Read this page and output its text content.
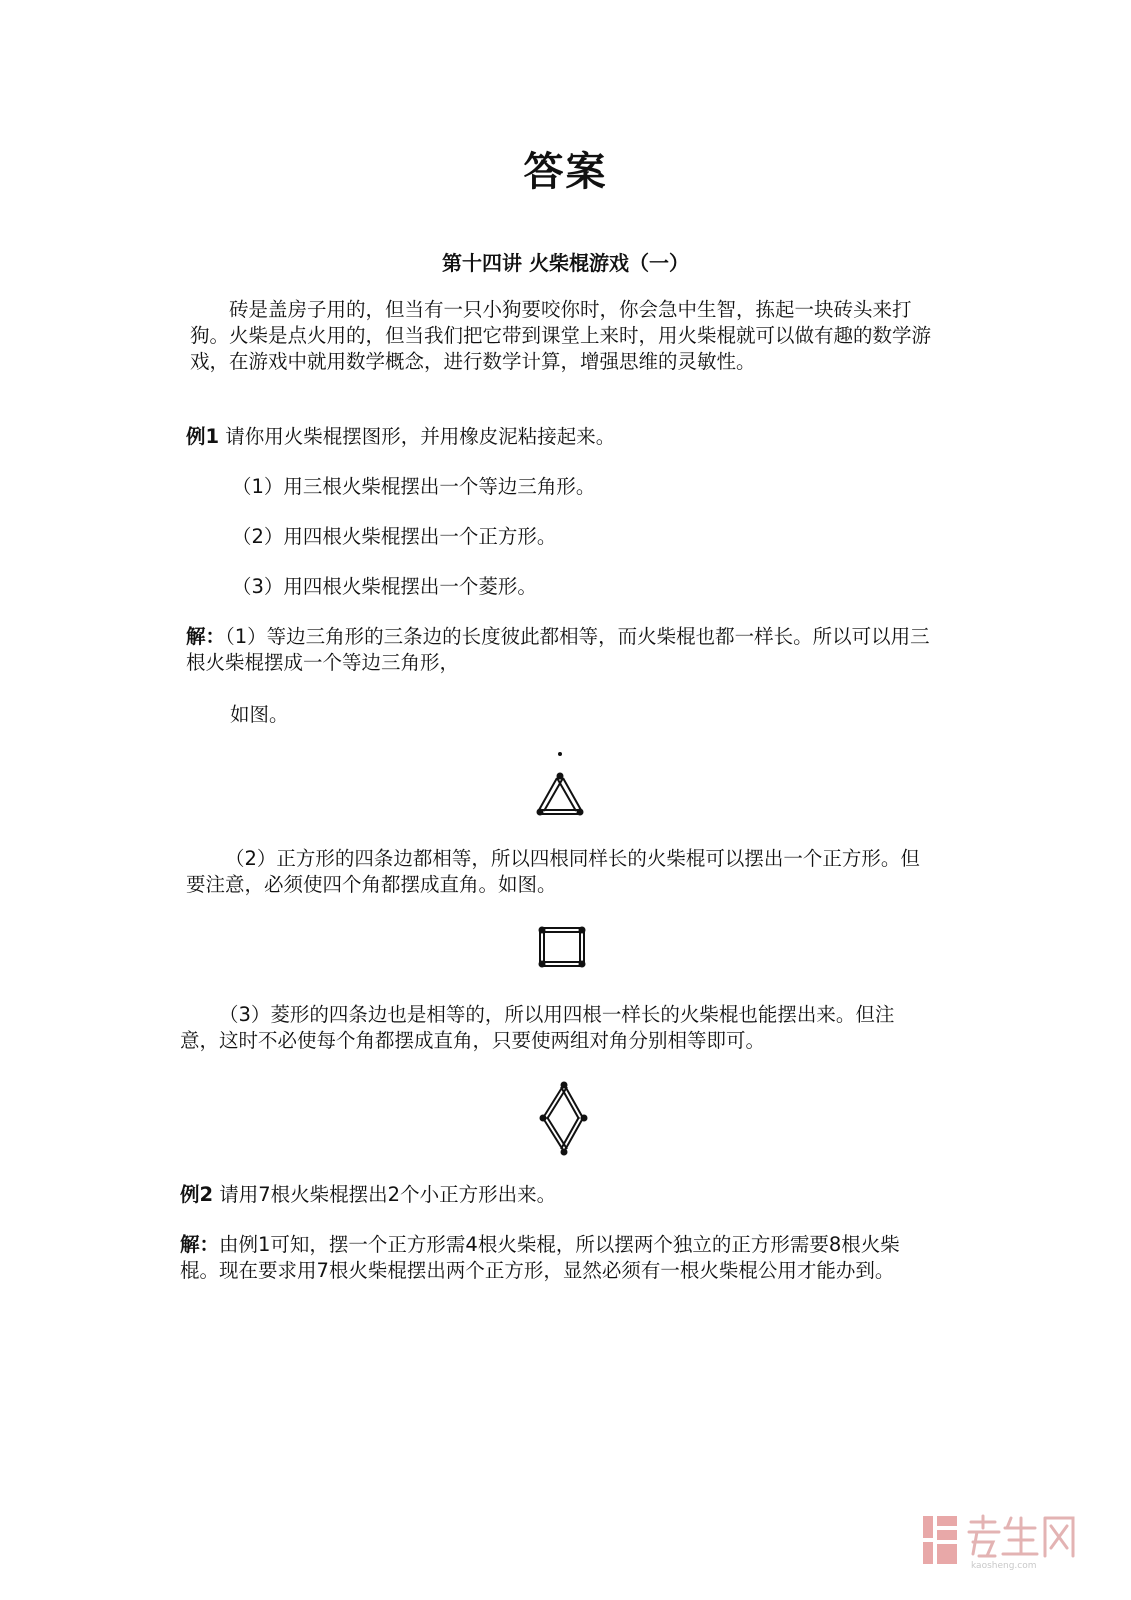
答案
第十四讲 火柴棍游戏（一）

砖是盖房子用的，但当有一只小狗要咬你时，你会急中生智，拣起一块砖头来打狗。火柴是点火用的，但当我们把它带到课堂上来时，用火柴棍就可以做有趣的数学游戏，在游戏中就用数学概念，进行数学计算，增强思维的灵敏性。

例1 请你用火柴棍摆图形，并用橡皮泥粘接起来。

（1）用三根火柴棍摆出一个等边三角形。

（2）用四根火柴棍摆出一个正方形。

（3）用四根火柴棍摆出一个菱形。

解：（1）等边三角形的三条边的长度彼此都相等，而火柴棍也都一样长。所以可以用三根火柴棍摆成一个等边三角形，

如图。

（2）正方形的四条边都相等，所以四根同样长的火柴棍可以摆出一个正方形。但要注意，必须使四个角都摆成直角。如图。

（3）菱形的四条边也是相等的，所以用四根一样长的火柴棍也能摆出来。但注意，这时不必使每个角都摆成直角，只要使两组对角分别相等即可。

例2 请用7根火柴棍摆出2个小正方形出来。

解：由例1可知，摆一个正方形需4根火柴棍，所以摆两个独立的正方形需要8根火柴棍。现在要求用7根火柴棍摆出两个正方形，显然必须有一根火柴棍公用才能办到。

kaosheng.com
